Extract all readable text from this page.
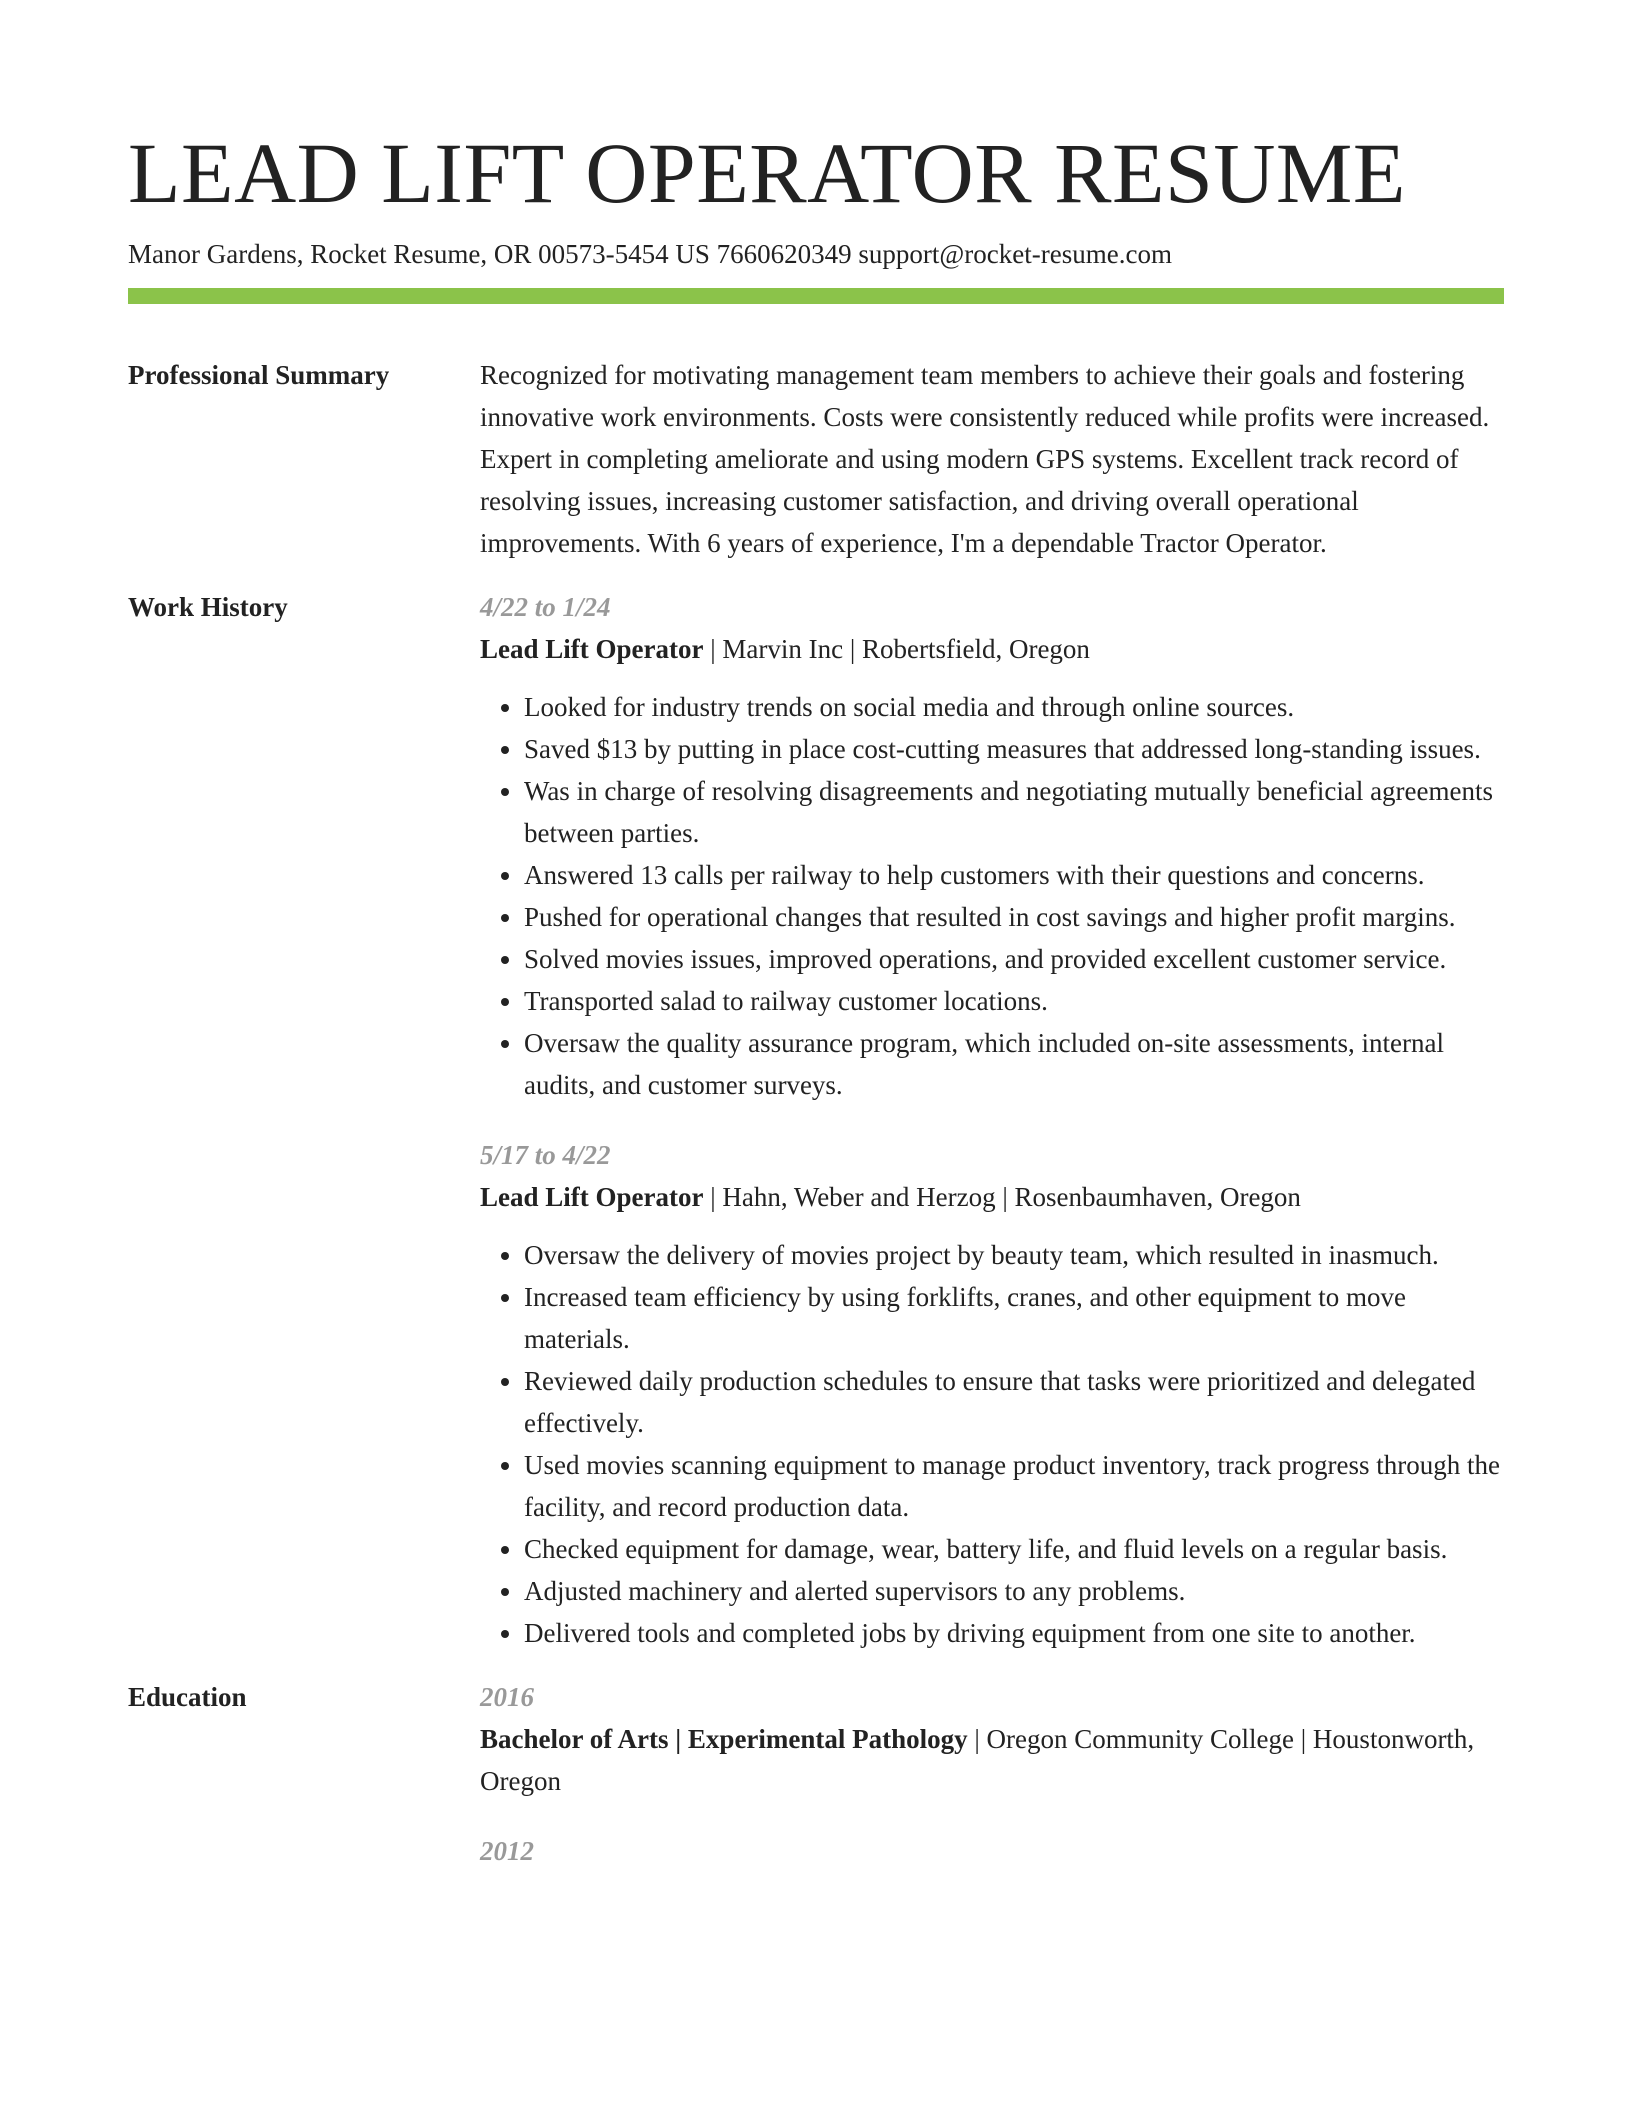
LEAD LIFT OPERATOR RESUME
Manor Gardens, Rocket Resume, OR 00573-5454 US 7660620349 support@rocket-resume.com
Professional Summary	Recognized for motivating management team members to achieve their goals and fostering innovative work environments. Costs were consistently reduced while profits were increased. Expert in completing ameliorate and using modern GPS systems. Excellent track record of resolving issues, increasing customer satisfaction, and driving overall operational improvements. With 6 years of experience, I'm a dependable Tractor Operator.

Work History	4/22 to 1/24
Lead Lift Operator | Marvin Inc | Robertsfield, Oregon
• Looked for industry trends on social media and through online sources.
• Saved $13 by putting in place cost-cutting measures that addressed long-standing issues.
• Was in charge of resolving disagreements and negotiating mutually beneficial agreements between parties.
• Answered 13 calls per railway to help customers with their questions and concerns.
• Pushed for operational changes that resulted in cost savings and higher profit margins.
• Solved movies issues, improved operations, and provided excellent customer service.
• Transported salad to railway customer locations.
• Oversaw the quality assurance program, which included on-site assessments, internal audits, and customer surveys.
5/17 to 4/22
Lead Lift Operator | Hahn, Weber and Herzog | Rosenbaumhaven, Oregon
• Oversaw the delivery of movies project by beauty team, which resulted in inasmuch.
• Increased team efficiency by using forklifts, cranes, and other equipment to move materials.
• Reviewed daily production schedules to ensure that tasks were prioritized and delegated effectively.
• Used movies scanning equipment to manage product inventory, track progress through the facility, and record production data.
• Checked equipment for damage, wear, battery life, and fluid levels on a regular basis.
• Adjusted machinery and alerted supervisors to any problems.
• Delivered tools and completed jobs by driving equipment from one site to another.
Education	2016
Bachelor of Arts | Experimental Pathology | Oregon Community College | Houstonworth, Oregon
2012
